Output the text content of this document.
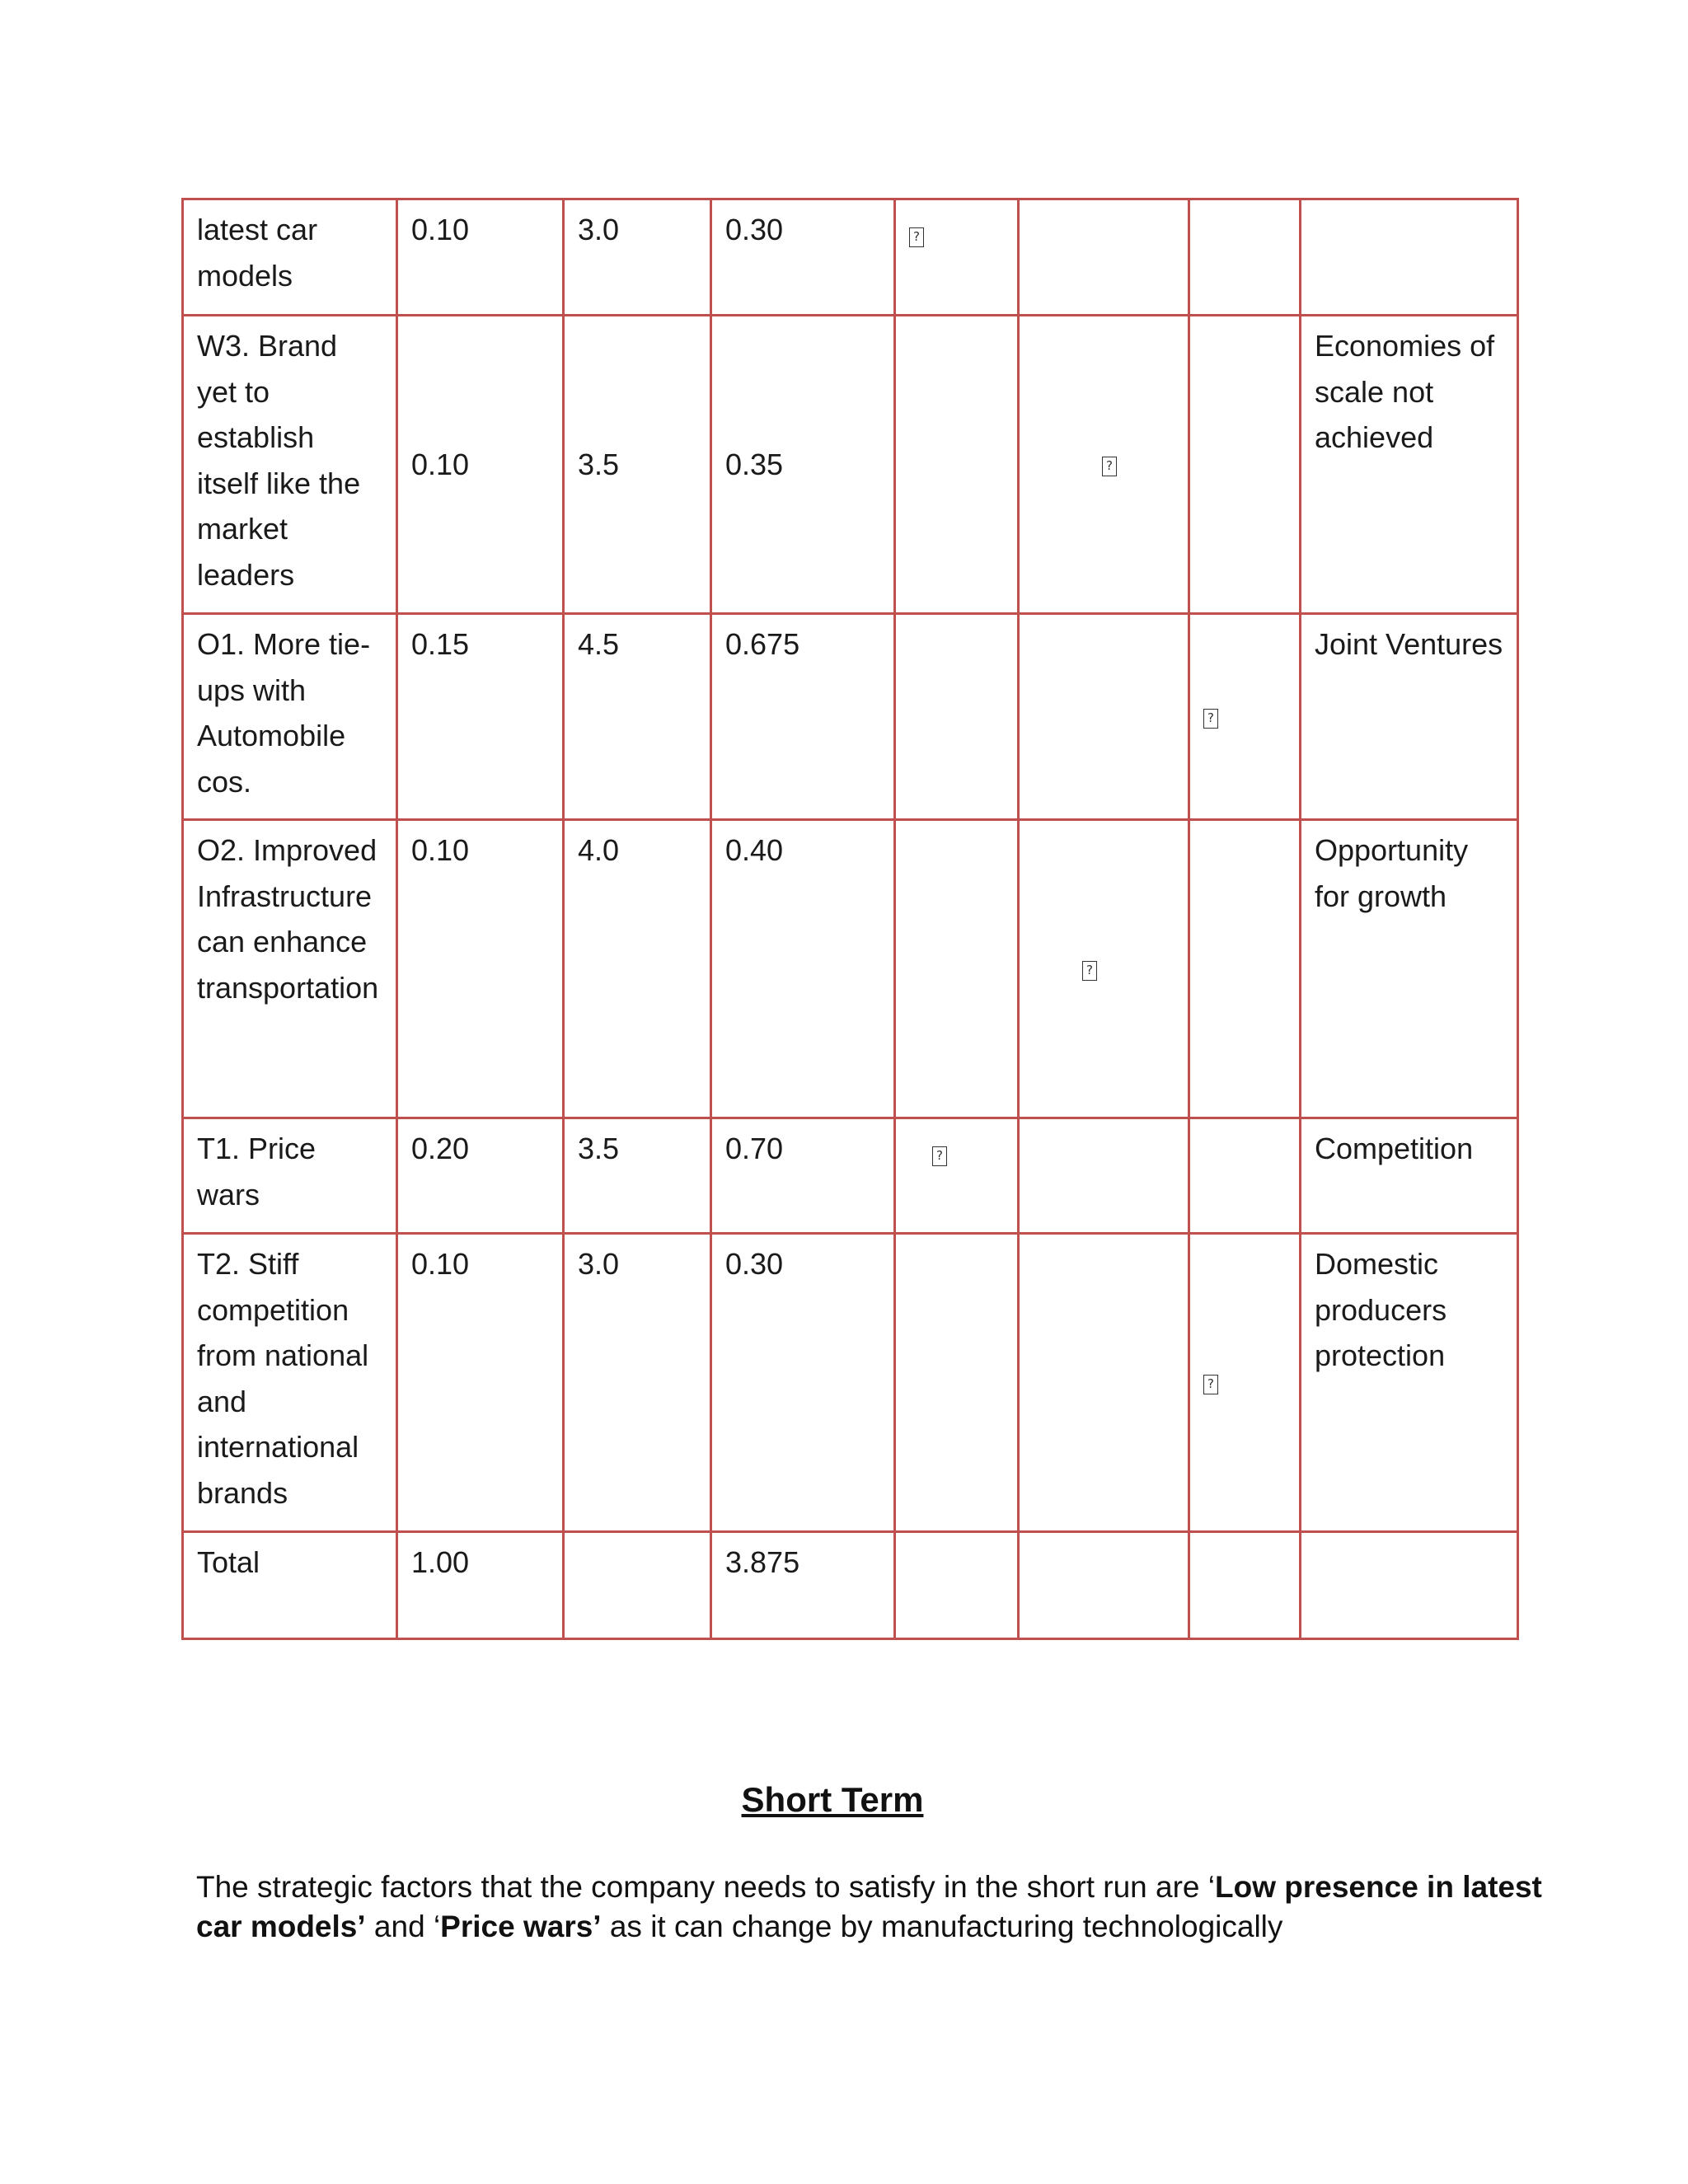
latest car models	0.10	3.0	0.30	?			
W3. Brand yet to establish itself like the market leaders	0.10	3.5	0.35		?		Economies of scale not achieved
O1. More tie-ups with Automobile cos.	0.15	4.5	0.675			?	Joint Ventures
O2. Improved Infrastructure can enhance transportation	0.10	4.0	0.40		?		Opportunity for growth
T1. Price wars	0.20	3.5	0.70	?			Competition
T2. Stiff competition from national and international brands	0.10	3.0	0.30			?	Domestic producers protection
Total	1.00		3.875				
Short Term
The strategic factors that the company needs to satisfy in the short run are ‘Low presence in latest car models’ and ‘Price wars’ as it can change by manufacturing technologically
